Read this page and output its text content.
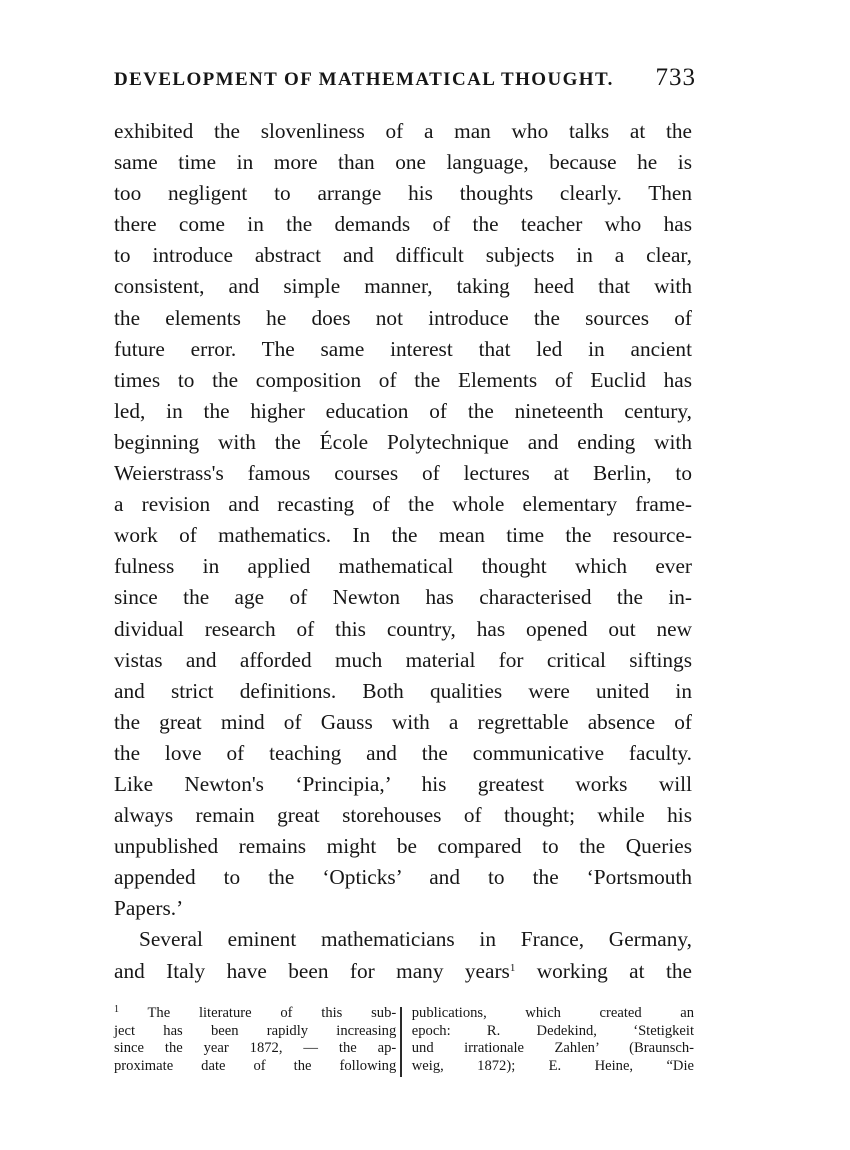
DEVELOPMENT OF MATHEMATICAL THOUGHT. 733
exhibited the slovenliness of a man who talks at the
same time in more than one language, because he is
too negligent to arrange his thoughts clearly. Then
there come in the demands of the teacher who has
to introduce abstract and difficult subjects in a clear,
consistent, and simple manner, taking heed that with
the elements he does not introduce the sources of
future error. The same interest that led in ancient
times to the composition of the Elements of Euclid has
led, in the higher education of the nineteenth century,
beginning with the École Polytechnique and ending with
Weierstrass's famous courses of lectures at Berlin, to
a revision and recasting of the whole elementary frame-
work of mathematics. In the mean time the resource-
fulness in applied mathematical thought which ever
since the age of Newton has characterised the in-
dividual research of this country, has opened out new
vistas and afforded much material for critical siftings
and strict definitions. Both qualities were united in
the great mind of Gauss with a regrettable absence of
the love of teaching and the communicative faculty.
Like Newton's ‘Principia,’ his greatest works will
always remain great storehouses of thought; while his
unpublished remains might be compared to the Queries
appended to the ‘Opticks’ and to the ‘Portsmouth
Papers.’
Several eminent mathematicians in France, Germany,
and Italy have been for many years$^1$ working at the
$^1$ The literature of this sub-
ject has been rapidly increasing
since the year 1872, — the ap-
proximate date of the following
publications, which created an
epoch: R. Dedekind, ‘Stetigkeit
und irrationale Zahlen’ (Braunsch-
weig, 1872); E. Heine, “Die
